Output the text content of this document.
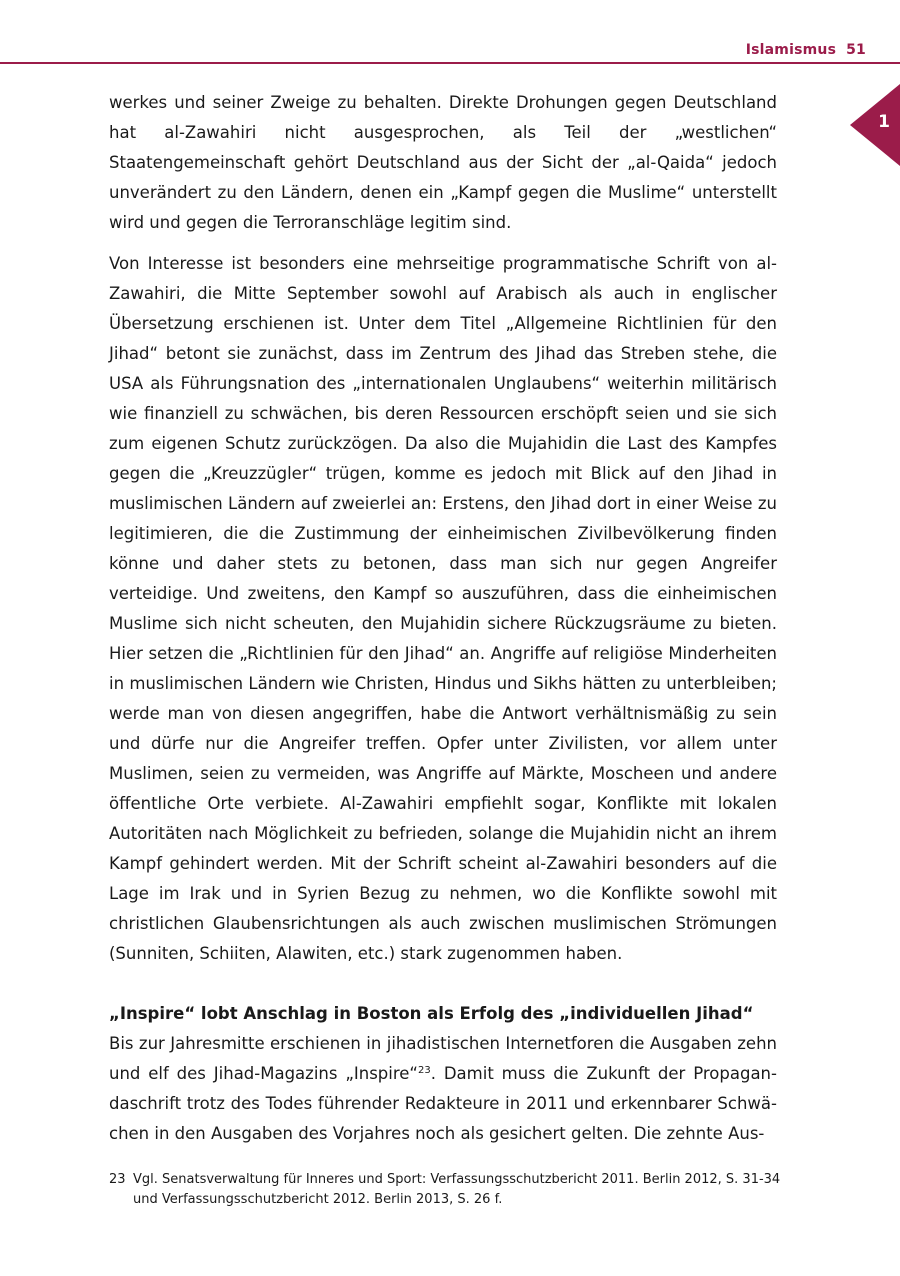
Islamismus 51
1

werkes und seiner Zweige zu behalten. Direkte Drohungen gegen Deutschland hat al-Zawahiri nicht ausgesprochen, als Teil der „westlichen“ Staatengemeinschaft gehört Deutschland aus der Sicht der „al-Qaida“ jedoch unverändert zu den Ländern, denen ein „Kampf gegen die Muslime“ unterstellt wird und gegen die Terroranschläge legitim sind.

Von Interesse ist besonders eine mehrseitige programmatische Schrift von al-Zawahiri, die Mitte September sowohl auf Arabisch als auch in englischer Übersetzung erschienen ist. Unter dem Titel „Allgemeine Richtlinien für den Jihad“ betont sie zunächst, dass im Zentrum des Jihad das Streben stehe, die USA als Führungsnation des „internationalen Unglaubens“ weiterhin militärisch wie finanziell zu schwächen, bis deren Ressourcen erschöpft seien und sie sich zum eigenen Schutz zurückzögen. Da also die Mujahidin die Last des Kampfes gegen die „Kreuzzügler“ trügen, komme es jedoch mit Blick auf den Jihad in muslimischen Ländern auf zweierlei an: Erstens, den Jihad dort in einer Weise zu legitimieren, die die Zustimmung der einheimischen Zivilbevölkerung finden könne und daher stets zu betonen, dass man sich nur gegen Angreifer verteidige. Und zweitens, den Kampf so auszuführen, dass die einheimischen Muslime sich nicht scheuten, den Mujahidin sichere Rückzugsräume zu bieten. Hier setzen die „Richtlinien für den Jihad“ an. Angriffe auf religiöse Minderheiten in muslimischen Ländern wie Christen, Hindus und Sikhs hätten zu unterbleiben; werde man von diesen angegriffen, habe die Antwort verhältnismäßig zu sein und dürfe nur die Angreifer treffen. Opfer unter Zivilisten, vor allem unter Muslimen, seien zu vermeiden, was Angriffe auf Märkte, Moscheen und andere öffentliche Orte verbiete. Al-Zawahiri empfiehlt sogar, Konflikte mit lokalen Autoritäten nach Möglichkeit zu befrieden, solange die Mujahidin nicht an ihrem Kampf gehindert werden. Mit der Schrift scheint al-Zawahiri besonders auf die Lage im Irak und in Syrien Bezug zu nehmen, wo die Konflikte sowohl mit christlichen Glaubensrichtungen als auch zwischen muslimischen Strömungen (Sunniten, Schiiten, Alawiten, etc.) stark zugenommen haben.

„Inspire“ lobt Anschlag in Boston als Erfolg des „individuellen Jihad“

Bis zur Jahresmitte erschienen in jihadistischen Internetforen die Ausgaben zehn und elf des Jihad-Magazins „Inspire“$^{23}$. Damit muss die Zukunft der Propagandaschrift trotz des Todes führender Redakteure in 2011 und erkennbarer Schwächen in den Ausgaben des Vorjahres noch als gesichert gelten. Die zehnte Aus-

23 Vgl. Senatsverwaltung für Inneres und Sport: Verfassungsschutzbericht 2011. Berlin 2012, S. 31-34 und Verfassungsschutzbericht 2012. Berlin 2013, S. 26 f.
